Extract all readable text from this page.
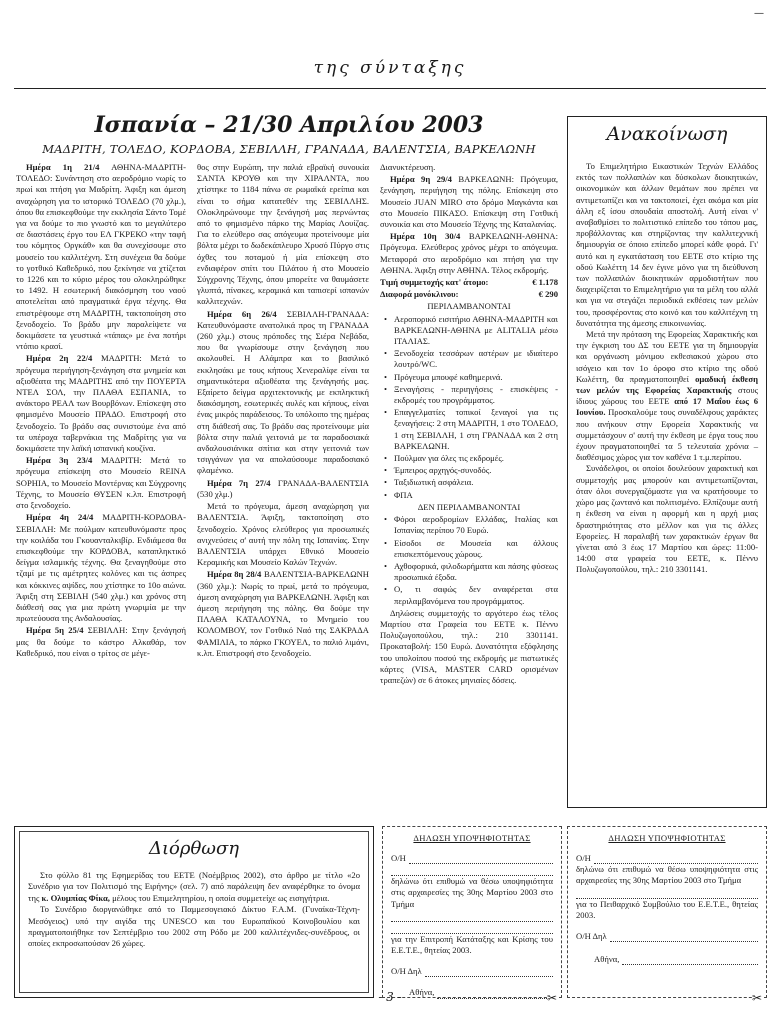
—
της σύνταξης
Ισπανία – 21/30 Απριλίου 2003
ΜΑΔΡΙΤΗ, ΤΟΛΕΔΟ, ΚΟΡΔΟΒΑ, ΣΕΒΙΛΛΗ, ΓΡΑΝΑΔΑ, ΒΑΛΕΝΤΣΙΑ, ΒΑΡΚΕΛΩΝΗ

Ημέρα 1η 21/4 ΑΘΗΝΑ-ΜΑΔΡΙΤΗ-ΤΟΛΕΔΟ: Συνάντηση στο αεροδρόμιο νωρίς το πρωί και πτήση για Μαδρίτη. Άφιξη και άμεση αναχώρηση για το ιστορικό ΤΟΛΕΔΟ (70 χλμ.), όπου θα επισκεφθούμε την εκκλησία Σάντο Τομέ για να δούμε το πιο γνωστό και το μεγαλύτερο σε διαστάσεις έργο του ΕΛ ΓΚΡΕΚΟ «την ταφή του κόμητος Οργκάθ» και θα συνεχίσουμε στο μουσείο του καλλιτέχνη. Στη συνέχεια θα δούμε το γοτθικό Καθεδρικό, που ξεκίνησε να χτίζεται το 1226 και το κύριο μέρος του ολοκληρώθηκε το 1492. Η εσωτερική διακόσμηση του ναού αποτελείται από πραγματικά έργα τέχνης. Θα επιστρέψουμε στη ΜΑΔΡΙΤΗ, τακτοποίηση στο ξενοδοχείο. Το βράδυ μην παραλείψετε να δοκιμάσετε τα γευστικά «τάπας» με ένα ποτήρι ντόπιο κρασί.

Ημέρα 2η 22/4 ΜΑΔΡΙΤΗ: Μετά το πρόγευμα περιήγηση-ξενάγηση στα μνημεία και αξιοθέατα της ΜΑΔΡΙΤΗΣ από την ΠΟΥΕΡΤΑ ΝΤΕΛ ΣΟΛ, την ΠΛΑΘΑ ΕΣΠΑΝΙΑ, το ανάκτορο ΡΕΑΛ των Βουρβόνων. Επίσκεψη στο φημισμένο Μουσείο ΠΡΑΔΟ. Επιστροφή στο ξενοδοχείο. Το βράδυ σας συνιστούμε ένα από τα υπέροχα ταβερνάκια της Μαδρίτης για να δοκιμάσετε την λαϊκή ισπανική κουζίνα.

Ημέρα 3η 23/4 ΜΑΔΡΙΤΗ: Μετά το πρόγευμα επίσκεψη στο Μουσείο REINA SOPHIA, το Μουσείο Μοντέρνας και Σύγχρονης Τέχνης, το Μουσείο ΘΥΣΕΝ κ.λπ. Επιστροφή στο ξενοδοχείο.

Ημέρα 4η 24/4 ΜΑΔΡΙΤΗ-ΚΟΡΔΟΒΑ-ΣΕΒΙΛΛΗ: Με πούλμαν κατευθυνόμαστε προς την κοιλάδα του Γκουανταλκιβίρ. Ενδιάμεσα θα επισκεφθούμε την ΚΟΡΔΟΒΑ, καταπληκτικό δείγμα ισλαμικής τέχνης. Θα ξεναγηθούμε στο τζαμί με τις αμέτρητες κολόνες και τις άσπρες και κόκκινες αψίδες, που χτίστηκε το 10ο αιώνα. Άφιξη στη ΣΕΒΙΛΗ (540 χλμ.) και χρόνος στη διάθεσή σας για μια πρώτη γνωριμία με την πρωτεύουσα της Ανδαλουσίας.

Ημέρα 5η 25/4 ΣΕΒΙΛΛΗ: Στην ξενάγησή μας θα δούμε το κάστρο Αλκαθάρ, τον Καθεδρικό, που είναι ο τρίτος σε μέγε-

θος στην Ευρώπη, την παλιά εβραϊκή συνοικία ΣΑΝΤΑ ΚΡΟΥΘ και την ΧΙΡΑΛΝΤΑ, που χτίστηκε το 1184 πάνω σε ρωμαϊκά ερείπια και είναι το σήμα κατατεθέν της ΣΕΒΙΛΛΗΣ. Ολοκληρώνουμε την ξενάγησή μας περνώντας από το φημισμένο πάρκο της Μαρίας Λουίζας. Για το ελεύθερο σας απόγευμα προτείνουμε μία βόλτα μέχρι το δωδεκάπλευρο Χρυσό Πύργο στις όχθες του ποταμού ή μία επίσκεψη στο ενδιαφέρον σπίτι του Πιλάτου ή στο Μουσείο Σύγχρονης Τέχνης, όπου μπορείτε να θαυμάσετε γλυπτά, πίνακες, κεραμικά και ταπισερί ισπανών καλλιτεχνών.

Ημέρα 6η 26/4 ΣΕΒΙΛΛΗ-ΓΡΑΝΑΔΑ: Κατευθυνόμαστε ανατολικά προς τη ΓΡΑΝΑΔΑ (260 χλμ.) στους πρόποδες της Σιέρα Νεβάδα, που θα γνωρίσουμε στην ξενάγηση που ακολουθεί. Η Αλάμπρα και το βασιλικό εκκλησάκι με τους κήπους Χενεραλίφε είναι τα σημαντικότερα αξιοθέατα της ξενάγησής μας. Εξαίρετο δείγμα αρχιτεκτονικής με εκπληκτική διακόσμηση, εσωτερικές αυλές και κήπους, είναι ένας μικρός παράδεισος. Το υπόλοιπο της ημέρας στη διάθεσή σας. Το βράδυ σας προτείνουμε μία βόλτα στην παλιά γειτονιά με τα παραδοσιακά ανδαλουσιάνικα σπίτια και στην γειτονιά των τσιγγάνων για να απολαύσουμε παραδοσιακό φλαμένκο.

Ημέρα 7η 27/4 ΓΡΑΝΑΔΑ-ΒΑΛΕΝΤΣΙΑ (530 χλμ.)

Μετά το πρόγευμα, άμεση αναχώρηση για ΒΑΛΕΝΤΣΙΑ. Άφιξη, τακτοποίηση στο ξενοδοχείο. Χρόνος ελεύθερος για προσωπικές ανιχνεύσεις σ' αυτή την πόλη της Ισπανίας. Στην ΒΑΛΕΝΤΣΙΑ υπάρχει Εθνικό Μουσείο Κεραμικής και Μουσείο Καλών Τεχνών.

Ημέρα 8η 28/4 ΒΑΛΕΝΤΣΙΑ-ΒΑΡΚΕΛΩΝΗ (360 χλμ.): Νωρίς το πρωί, μετά το πρόγευμα, άμεση αναχώρηση για ΒΑΡΚΕΛΩΝΗ. Άφιξη και άμεση περιήγηση της πόλης. Θα δούμε την ΠΛΑΘΑ ΚΑΤΑΛΟΥΝΑ, το Μνημείο του ΚΟΛΟΜΒΟΥ, τον Γοτθικό Ναό της ΣΑΚΡΑΔΑ ΦΑΜΙΛΙΑ, το πάρκο ΓΚΟΥΕΛ, το παλιό λιμάνι, κ.λπ. Επιστροφή στο ξενοδοχείο.

Διανυκτέρευση.

Ημέρα 9η 29/4 ΒΑΡΚΕΛΩΝΗ: Πρόγευμα, ξενάγηση, περιήγηση της πόλης. Επίσκεψη στο Μουσείο JUAN MIRO στο δρόμο Μαγκάντα και στο Μουσείο ΠΙΚΑΣΟ. Επίσκεψη στη Γοτθική συνοικία και στο Μουσείο Τέχνης της Καταλανίας.

Ημέρα 10η 30/4 ΒΑΡΚΕΛΩΝΗ-ΑΘΗΝΑ: Πρόγευμα. Ελεύθερος χρόνος μέχρι το απόγευμα. Μεταφορά στο αεροδρόμιο και πτήση για την ΑΘΗΝΑ. Άφιξη στην ΑΘΗΝΑ. Τέλος εκδρομής.

Τιμή συμμετοχής κατ' άτομο:	€ 1.178

Διαφορά μονόκλινου:	€ 290

ΠΕΡΙΛΑΜΒΑΝΟΝΤΑΙ

• Αεροπορικό εισιτήριο ΑΘΗΝΑ-ΜΑΔΡΙΤΗ και ΒΑΡΚΕΛΩΝΗ-ΑΘΗΝΑ με ALITALIA μέσω ΙΤΑΛΙΑΣ.

• Ξενοδοχεία τεσσάρων αστέρων με ιδιαίτερο λουτρό/WC.

• Πρόγευμα μπουφέ καθημερινά.

• Ξεναγήσεις - περιηγήσεις - επισκέψεις - εκδρομές του προγράμματος.

• Επαγγελματίες τοπικοί ξεναγοί για τις ξεναγήσεις: 2 στη ΜΑΔΡΙΤΗ, 1 στο ΤΟΛΕΔΟ, 1 στη ΣΕΒΙΛΛΗ, 1 στη ΓΡΑΝΑΔΑ και 2 στη ΒΑΡΚΕΛΩΝΗ.

• Πούλμαν για όλες τις εκδρομές.

• Έμπειρος αρχηγός-συνοδός.

• Ταξιδιωτική ασφάλεια.

• ΦΠΑ

ΔΕΝ ΠΕΡΙΛΑΜΒΑΝΟΝΤΑΙ

• Φόροι αεροδρομίων Ελλάδας, Ιταλίας και Ισπανίας περίπου 70 Ευρώ.

• Είσοδοι σε Μουσεία και άλλους επισκεπτόμενους χώρους.

• Αχθοφορικά, φιλοδωρήματα και πάσης φύσεως προσωπικά έξοδα.

• Ο, τι σαφώς δεν αναφέρεται στα περιλαμβανόμενα του προγράμματος.

Δηλώσεις συμμετοχής το αργότερο έως τέλος Μαρτίου στα Γραφεία του ΕΕΤΕ κ. Πέννυ Πολυζωγοπούλου, τηλ.: 210 3301141. Προκαταβολή: 150 Ευρώ. Δυνατότητα εξόφλησης του υπολοίπου ποσού της εκδρομής με πιστωτικές κάρτες (VISA, MASTER CARD ορισμένων τραπεζών) σε 6 άτοκες μηνιαίες δόσεις.

Ανακοίνωση

Το Επιμελητήριο Εικαστικών Τεχνών Ελλάδος εκτός των πολλαπλών και δύσκολων διοικητικών, οικονομικών και άλλων θεμάτων που πρέπει να αντιμετωπίζει και να τακτοποιεί, έχει ακόμα και μία άλλη εξ ίσου σπουδαία αποστολή. Αυτή είναι ν' αναβαθμίσει το πολιτιστικό επίπεδο του τόπου μας, προβάλλοντας και στηρίζοντας την καλλιτεχνική δημιουργία σε όποιο επίπεδο μπορεί κάθε φορά. Γι' αυτό και η εγκατάσταση του ΕΕΤΕ στο κτίριο της οδού Κωλέττη 14 δεν έγινε μόνο για τη διεύθυνση των πολλαπλών διοικητικών αρμοδιοτήτων που διαχειρίζεται το Επιμελητήριο για τα μέλη του αλλά και για να στεγάζει περιοδικά εκθέσεις των μελών του, προσφέροντας στο κοινό και του καλλιτέχνη τη δυνατότητα της άμεσης επικοινωνίας.

Μετά την πρόταση της Εφορείας Χαρακτικής και την έγκριση του ΔΣ του ΕΕΤΕ για τη δημιουργία και οργάνωση μόνιμου εκθεσιακού χώρου στο ισόγειο και τον 1ο όροφο στο κτίριο της οδού Κωλέττη, θα πραγματοποιηθεί ομαδική έκθεση των μελών της Εφορείας Χαρακτικής στους ίδιους χώρους του ΕΕΤΕ από 17 Μαΐου έως 6 Ιουνίου. Προσκαλούμε τους συναδέλφους χαράκτες που ανήκουν στην Εφορεία Χαρακτικής να συμμετάσχουν σ' αυτή την έκθεση με έργα τους που έχουν πραγματοποιηθεί τα 5 τελευταία χρόνια – διαθέσιμος χώρος για τον καθένα 1 τ.μ.περίπου.

Συνάδελφοι, οι οποίοι δουλεύουν χαρακτική και συμμετοχής μας μπορούν και αντιμετωπίζονται, όταν όλοι συνεργαζόμαστε για να κρατήσουμε το χώρο μας ζωντανό και πολιτισμένο. Ελπίζουμε αυτή η έκθεση να είναι η αφορμή και η αρχή μιας δραστηριότητας στο μέλλον και για τις άλλες Εφορείες. Η παραλαβή των χαρακτικών έργων θα γίνεται από 3 έως 17 Μαρτίου και ώρες: 11:00-14:00 στα γραφεία του ΕΕΤΕ, κ. Πέννυ Πολυζωγοπούλου, τηλ.: 210 3301141.

Διόρθωση

Στο φύλλο 81 της Εφημερίδας του ΕΕΤΕ (Νοέμβριος 2002), στο άρθρο με τίτλο «2ο Συνέδριο για τον Πολιτισμό της Ειρήνης» (σελ. 7) από παράλειψη δεν αναφέρθηκε το όνομα της κ. Ολυμπίας Φίκα, μέλους του Επιμελητηρίου, η οποία συμμετείχε ως εισηγήτρια.

Το Συνέδριο διοργανώθηκε από το Παμμεσογειακό Δίκτυο F.A.M. (Γυναίκα-Τέχνη-Μεσόγειος) υπό την αιγίδα της UNESCO και του Ευρωπαϊκού Κοινοβουλίου και πραγματοποιήθηκε τον Σεπτέμβριο του 2002 στη Ρόδο με 200 καλλιτέχνιδες-συνέδρους, οι οποίες εκπροσωπούσαν 26 χώρες.

ΔΗΛΩΣΗ ΥΠΟΨΗΦΙΟΤΗΤΑΣ
Ο/Η
δηλώνω ότι επιθυμώ να θέσω υποψηφιότητα στις αρχαιρεσίες της 30ης Μαρτίου 2003 στο Τμήμα
για την Επιτροπή Κατάταξης και Κρίσης του Ε.Ε.Τ.Ε., θητείας 2003.
Ο/Η Δηλ
Αθήνα,	✂
ΔΗΛΩΣΗ ΥΠΟΨΗΦΙΟΤΗΤΑΣ
Ο/Η
δηλώνω ότι επιθυμώ να θέσω υποψηφιότητα στις αρχαιρεσίες της 30ης Μαρτίου 2003 στο Τμήμα
για το Πειθαρχικό Συμβούλιο του Ε.Ε.Τ.Ε., θητείας 2003.
Ο/Η Δηλ
Αθήνα,
✂
- 3 -
